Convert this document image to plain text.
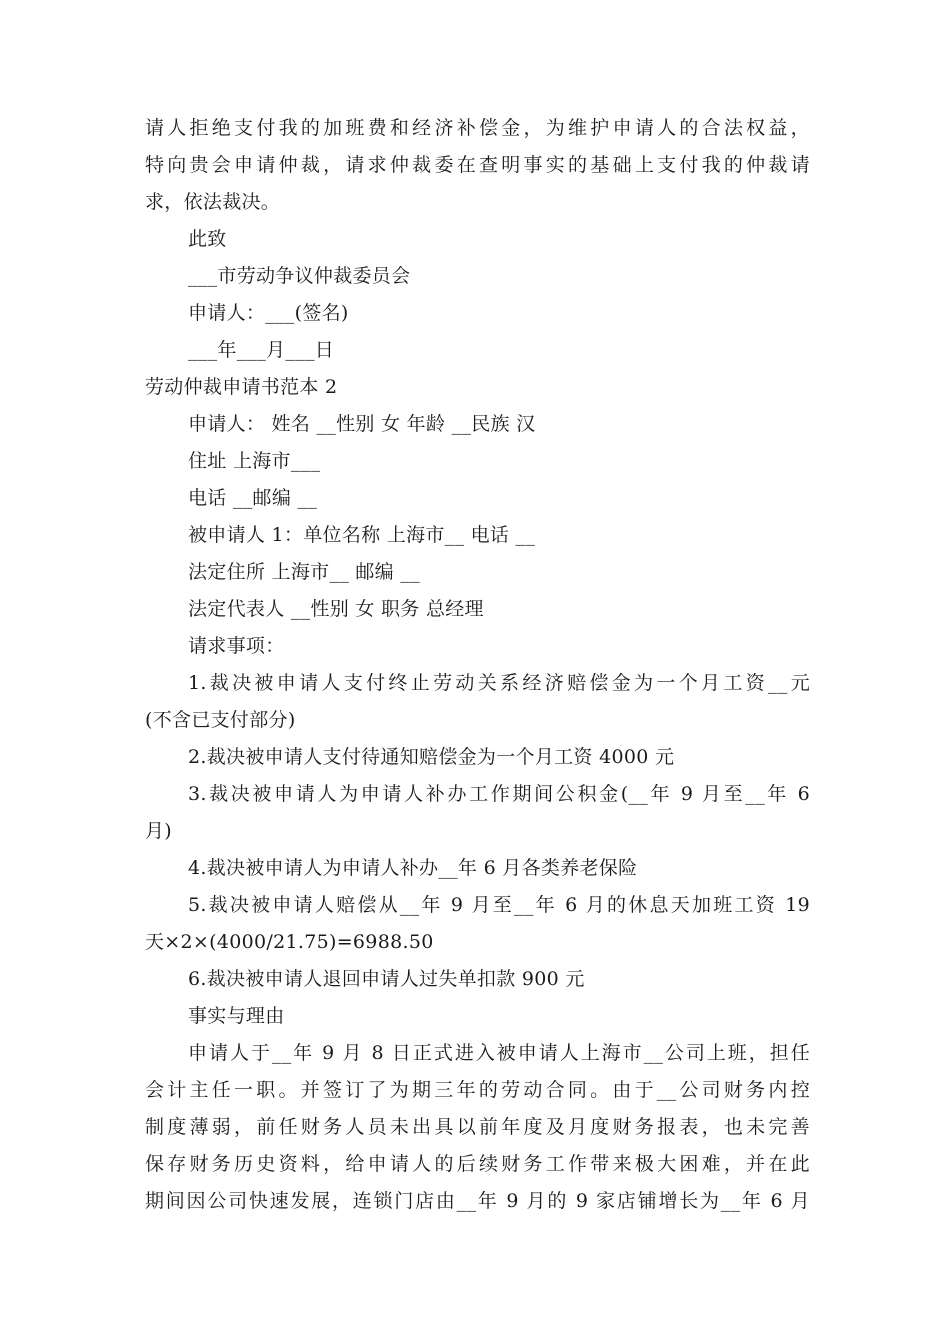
请人拒绝支付我的加班费和经济补偿金，为维护申请人的合法权益，
特向贵会申请仲裁，请求仲裁委在查明事实的基础上支付我的仲裁请
求，依法裁决。
此致
___市劳动争议仲裁委员会
申请人：___(签名)
___年___月___日
劳动仲裁申请书范本 2
申请人： 姓名 __性别 女 年龄 __民族 汉
住址 上海市___
电话 __邮编 __
被申请人 1：单位名称 上海市__ 电话 __
法定住所 上海市__ 邮编 __
法定代表人 __性别 女 职务 总经理
请求事项：
1.裁决被申请人支付终止劳动关系经济赔偿金为一个月工资__元
(不含已支付部分)
2.裁决被申请人支付待通知赔偿金为一个月工资 4000 元
3.裁决被申请人为申请人补办工作期间公积金(__年 9 月至__年 6
月)
4.裁决被申请人为申请人补办__年 6 月各类养老保险
5.裁决被申请人赔偿从__年 9 月至__年 6 月的休息天加班工资 19
天×2×(4000/21.75)=6988.50
6.裁决被申请人退回申请人过失单扣款 900 元
事实与理由
申请人于__年 9 月 8 日正式进入被申请人上海市__公司上班，担任
会计主任一职。并签订了为期三年的劳动合同。由于__公司财务内控
制度薄弱，前任财务人员未出具以前年度及月度财务报表，也未完善
保存财务历史资料，给申请人的后续财务工作带来极大困难，并在此
期间因公司快速发展，连锁门店由__年 9 月的 9 家店铺增长为__年 6 月
